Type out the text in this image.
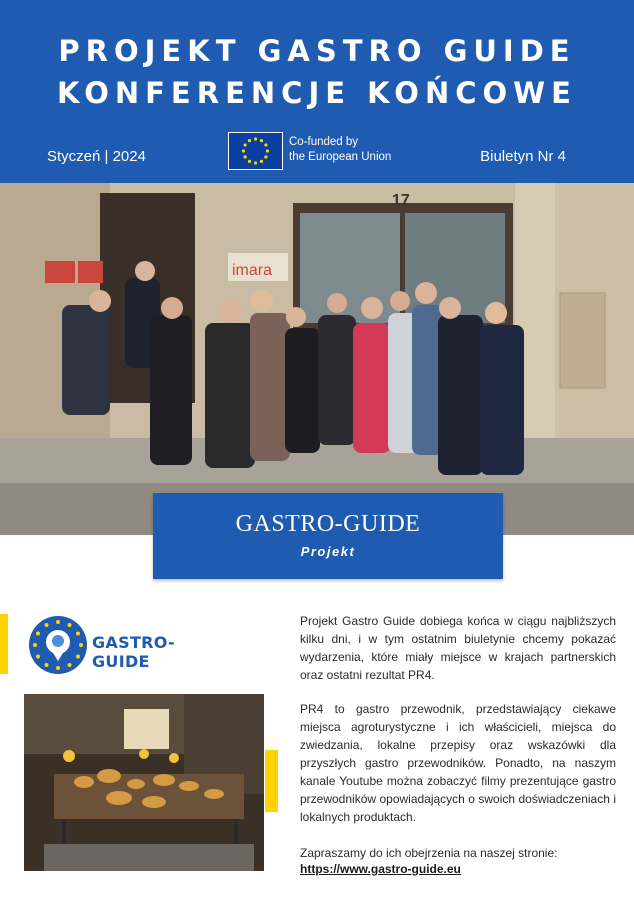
PROJEKT GASTRO GUIDE
KONFERENCJE KOŃCOWE
Styczeń | 2024
Co-funded by
the European Union	Biuletyn Nr 4
imara
17
GASTRO-GUIDE
Projekt
GASTRO-GUIDE
Projekt Gastro Guide dobiega końca w ciągu najbliższych kilku dni, i w tym ostatnim biuletynie chcemy pokazać wydarzenia, które miały miejsce w krajach partnerskich oraz ostatni rezultat PR4.
PR4 to gastro przewodnik, przedstawiający ciekawe miejsca agroturystyczne i ich właścicieli, miejsca do zwiedzania, lokalne przepisy oraz wskazówki dla przyszłych gastro przewodników. Ponadto, na naszym kanale Youtube można zobaczyć filmy prezentujące gastro przewodników opowiadających o swoich doświadczeniach i lokalnych produktach.
Zapraszamy do ich obejrzenia na naszej stronie:
https://www.gastro-guide.eu
